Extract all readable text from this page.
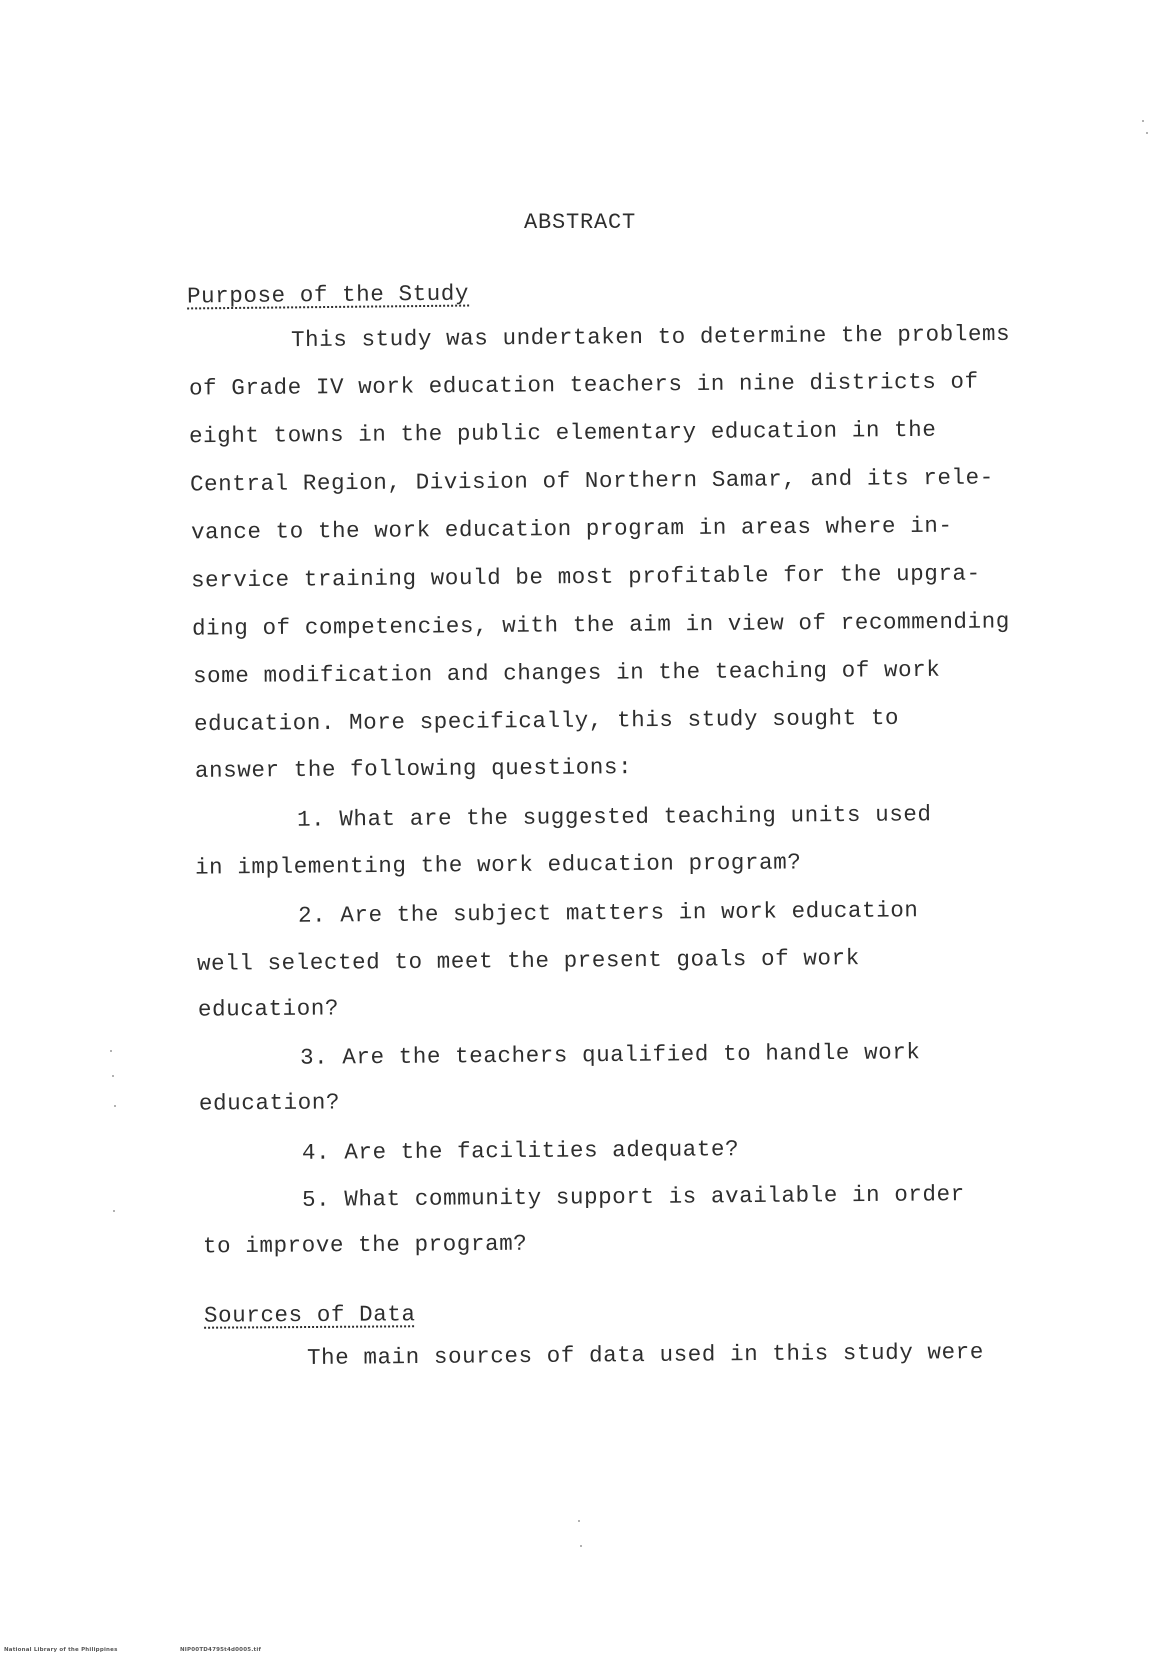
ABSTRACT
Purpose of the Study
This study was undertaken to determine the problems
of Grade IV work education teachers in nine districts of
eight towns in the public elementary education in the
Central Region, Division of Northern Samar, and its rele-
vance to the work education program in areas where in-
service training would be most profitable for the upgra-
ding of competencies, with the aim in view of recommending
some modification and changes in the teaching of work
education. More specifically, this study sought to
answer the following questions:
1. What are the suggested teaching units used
in implementing the work education program?
2. Are the subject matters in work education
well selected to meet the present goals of work
education?
3. Are the teachers qualified to handle work
education?
4. Are the facilities adequate?
5. What community support is available in order
to improve the program?
Sources of Data
The main sources of data used in this study were
National Library of the Philippines	NIP00TD4795t4d0005.tif
